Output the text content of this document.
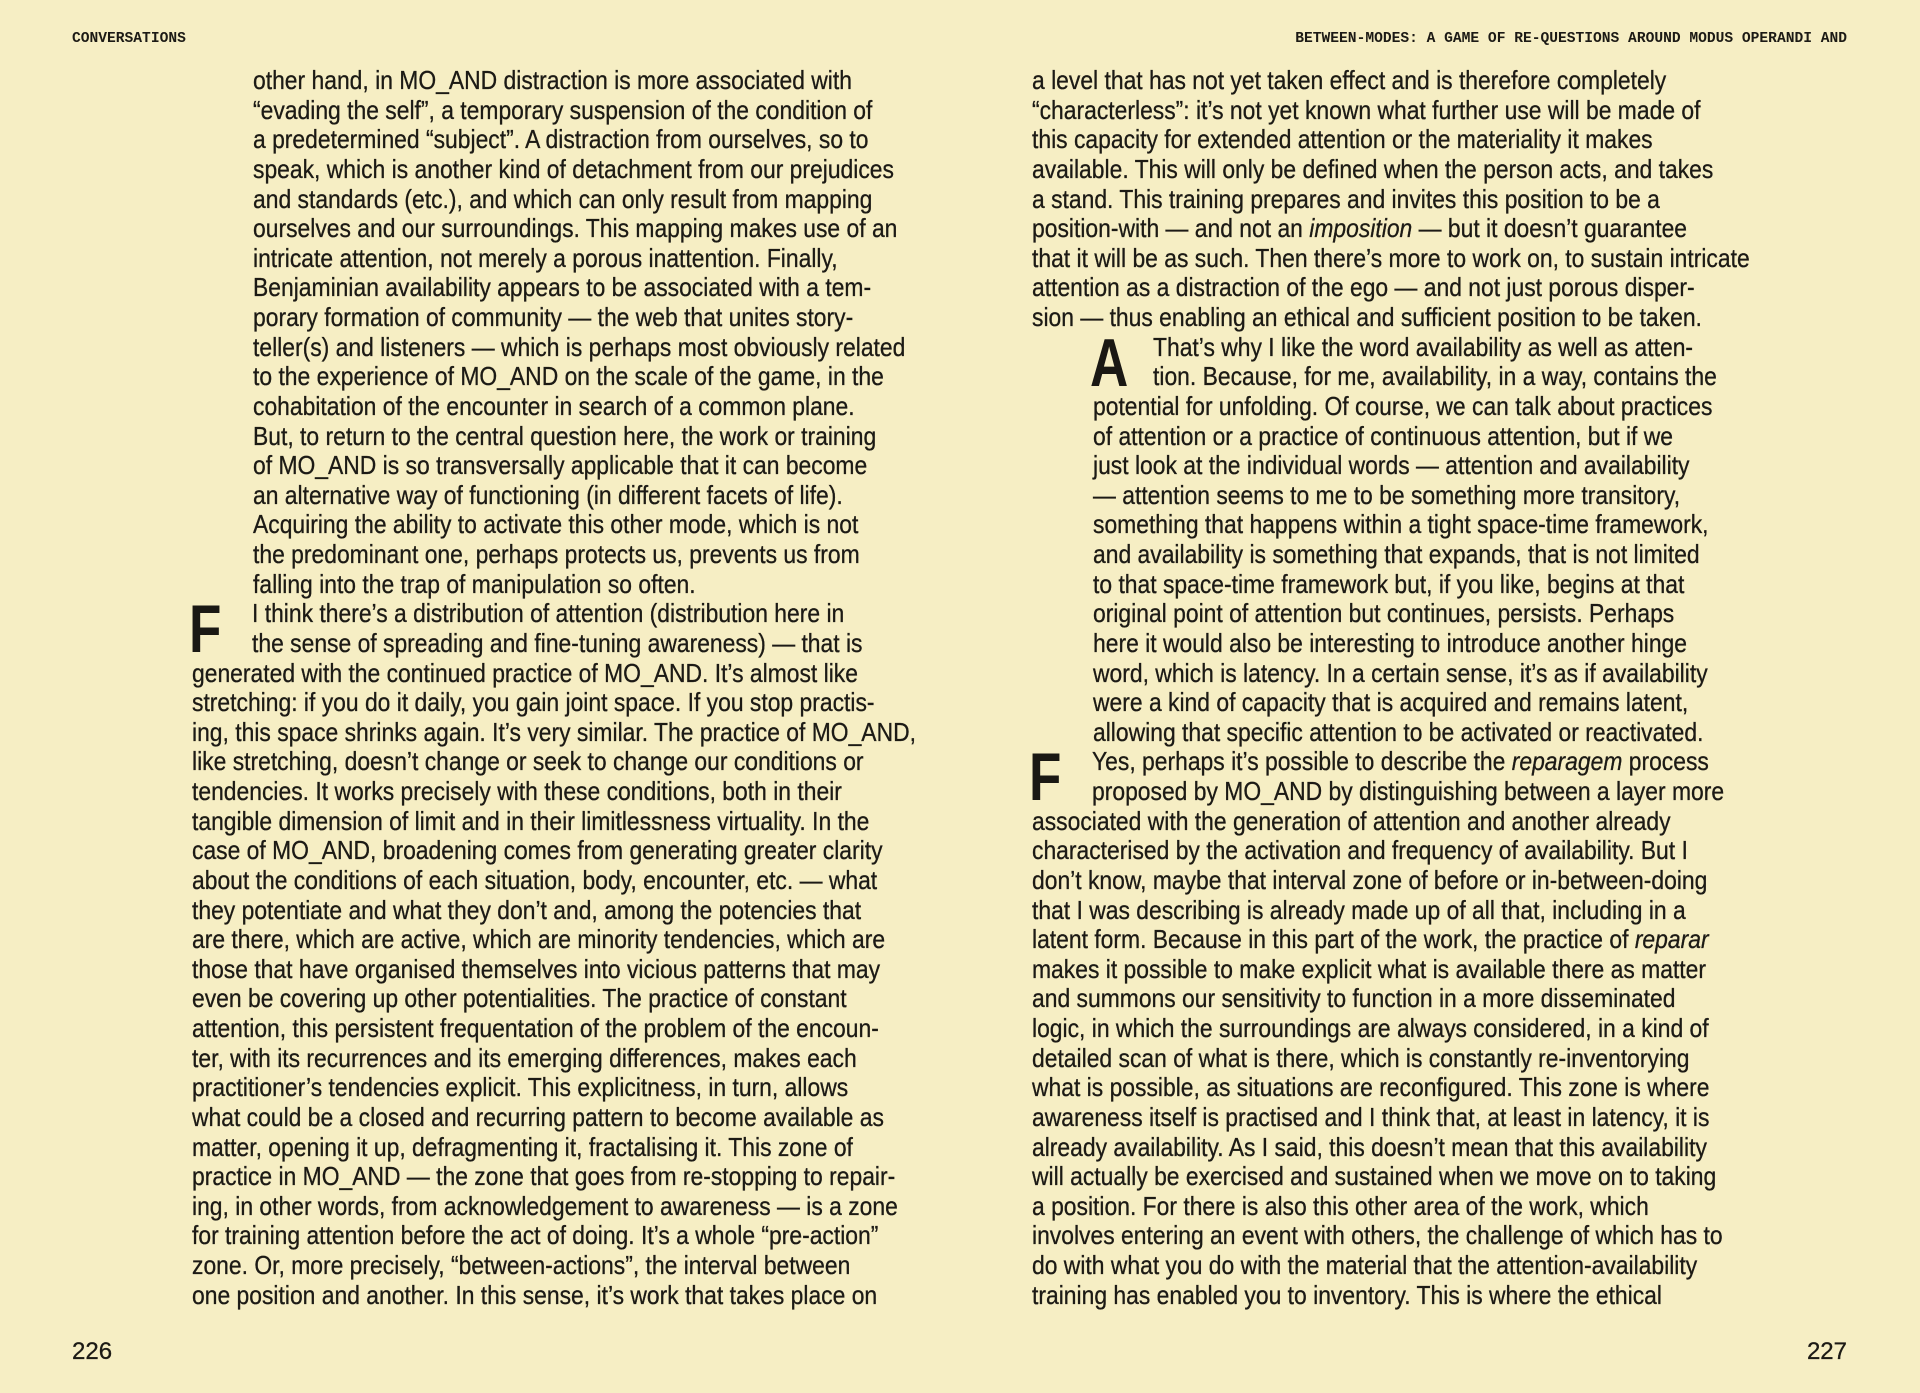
CONVERSATIONS
other hand, in MO_AND distraction is more associated with
“evading the self”, a temporary suspension of the condition of
a predetermined “subject”. A distraction from ourselves, so to
speak, which is another kind of detachment from our prejudices
and standards (etc.), and which can only result from mapping
ourselves and our surroundings. This mapping makes use of an
intricate attention, not merely a porous inattention. Finally,
Benjaminian availability appears to be associated with a tem-
porary formation of community — the web that unites story-
teller(s) and listeners — which is perhaps most obviously related
to the experience of MO_AND on the scale of the game, in the
cohabitation of the encounter in search of a common plane.
But, to return to the central question here, the work or training
of MO_AND is so transversally applicable that it can become
an alternative way of functioning (in different facets of life).
Acquiring the ability to activate this other mode, which is not
the predominant one, perhaps protects us, prevents us from
falling into the trap of manipulation so often.
F	I think there’s a distribution of attention (distribution here in
the sense of spreading and fine-tuning awareness) — that is
generated with the continued practice of MO_AND. It’s almost like
stretching: if you do it daily, you gain joint space. If you stop practis-
ing, this space shrinks again. It’s very similar. The practice of MO_AND,
like stretching, doesn’t change or seek to change our conditions or
tendencies. It works precisely with these conditions, both in their
tangible dimension of limit and in their limitlessness virtuality. In the
case of MO_AND, broadening comes from generating greater clarity
about the conditions of each situation, body, encounter, etc. — what
they potentiate and what they don’t and, among the potencies that
are there, which are active, which are minority tendencies, which are
those that have organised themselves into vicious patterns that may
even be covering up other potentialities. The practice of constant
attention, this persistent frequentation of the problem of the encoun-
ter, with its recurrences and its emerging differences, makes each
practitioner’s tendencies explicit. This explicitness, in turn, allows
what could be a closed and recurring pattern to become available as
matter, opening it up, defragmenting it, fractalising it. This zone of
practice in MO_AND — the zone that goes from re-stopping to repair-
ing, in other words, from acknowledgement to awareness — is a zone
for training attention before the act of doing. It’s a whole “pre-action”
zone. Or, more precisely, “between-actions”, the interval between
one position and another. In this sense, it’s work that takes place on
226
BETWEEN-MODES: A GAME OF RE-QUESTIONS AROUND MODUS OPERANDI AND
a level that has not yet taken effect and is therefore completely
“characterless”: it’s not yet known what further use will be made of
this capacity for extended attention or the materiality it makes
available. This will only be defined when the person acts, and takes
a stand. This training prepares and invites this position to be a
position-with — and not an imposition — but it doesn’t guarantee
that it will be as such. Then there’s more to work on, to sustain intricate
attention as a distraction of the ego — and not just porous disper-
sion — thus enabling an ethical and sufficient position to be taken.
A That’s why I like the word availability as well as atten-
tion. Because, for me, availability, in a way, contains the
potential for unfolding. Of course, we can talk about practices
of attention or a practice of continuous attention, but if we
just look at the individual words — attention and availability
— attention seems to me to be something more transitory,
something that happens within a tight space-time framework,
and availability is something that expands, that is not limited
to that space-time framework but, if you like, begins at that
original point of attention but continues, persists. Perhaps
here it would also be interesting to introduce another hinge
word, which is latency. In a certain sense, it’s as if availability
were a kind of capacity that is acquired and remains latent,
allowing that specific attention to be activated or reactivated.
F	Yes, perhaps it’s possible to describe the reparagem process
proposed by MO_AND by distinguishing between a layer more
associated with the generation of attention and another already
characterised by the activation and frequency of availability. But I
don’t know, maybe that interval zone of before or in-between-doing
that I was describing is already made up of all that, including in a
latent form. Because in this part of the work, the practice of reparar
makes it possible to make explicit what is available there as matter
and summons our sensitivity to function in a more disseminated
logic, in which the surroundings are always considered, in a kind of
detailed scan of what is there, which is constantly re-inventorying
what is possible, as situations are reconfigured. This zone is where
awareness itself is practised and I think that, at least in latency, it is
already availability. As I said, this doesn’t mean that this availability
will actually be exercised and sustained when we move on to taking
a position. For there is also this other area of the work, which
involves entering an event with others, the challenge of which has to
do with what you do with the material that the attention-availability
training has enabled you to inventory. This is where the ethical
227
